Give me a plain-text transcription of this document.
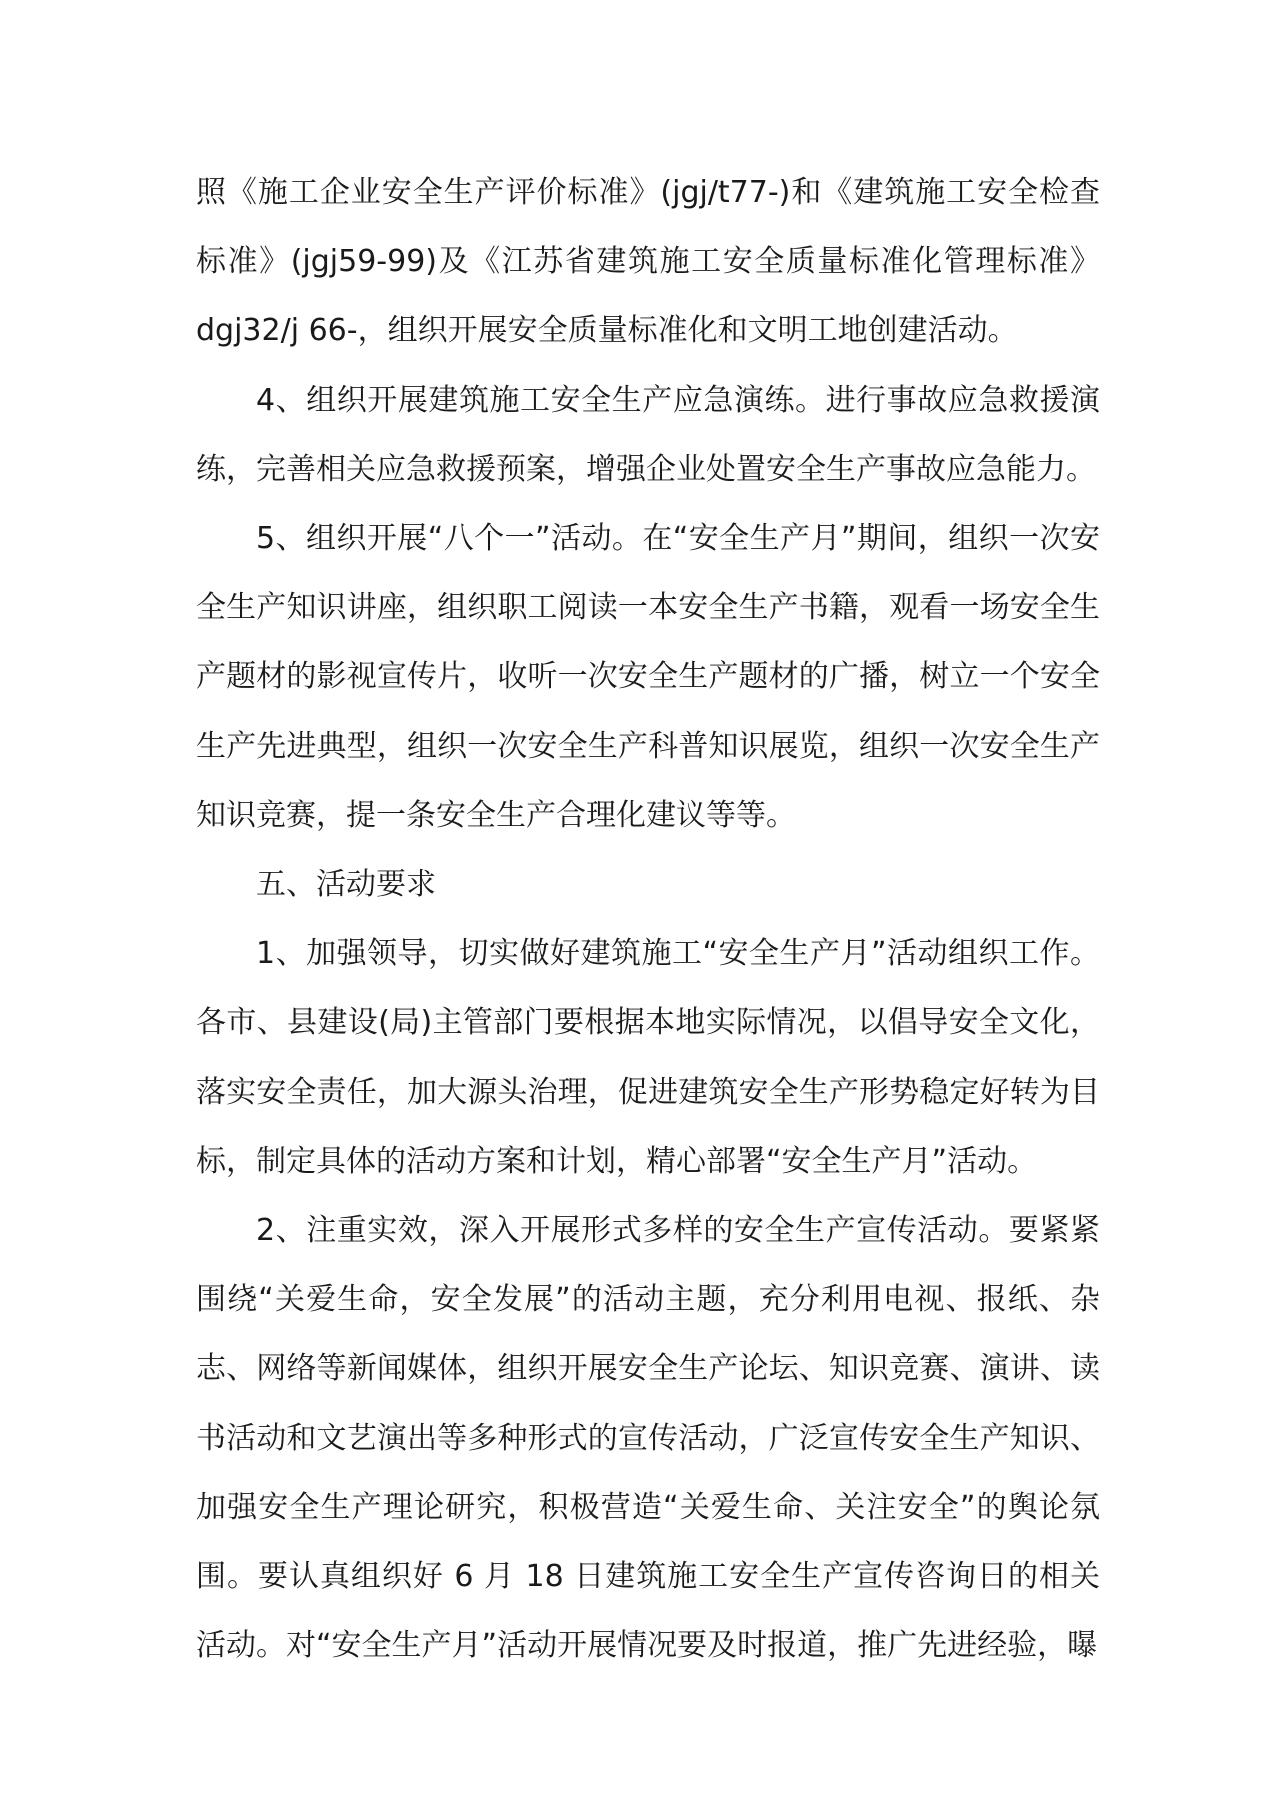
照《施工企业安全生产评价标准》(jgj/t77-)和《建筑施工安全检查标准》(jgj59-99)及《江苏省建筑施工安全质量标准化管理标准》dgj32/j 66-，组织开展安全质量标准化和文明工地创建活动。

4、组织开展建筑施工安全生产应急演练。进行事故应急救援演练，完善相关应急救援预案，增强企业处置安全生产事故应急能力。

5、组织开展“八个一”活动。在“安全生产月”期间，组织一次安全生产知识讲座，组织职工阅读一本安全生产书籍，观看一场安全生产题材的影视宣传片，收听一次安全生产题材的广播，树立一个安全生产先进典型，组织一次安全生产科普知识展览，组织一次安全生产知识竞赛，提一条安全生产合理化建议等等。

五、活动要求

1、加强领导，切实做好建筑施工“安全生产月”活动组织工作。各市、县建设(局)主管部门要根据本地实际情况，以倡导安全文化，落实安全责任，加大源头治理，促进建筑安全生产形势稳定好转为目标，制定具体的活动方案和计划，精心部署“安全生产月”活动。

2、注重实效，深入开展形式多样的安全生产宣传活动。要紧紧围绕“关爱生命，安全发展”的活动主题，充分利用电视、报纸、杂志、网络等新闻媒体，组织开展安全生产论坛、知识竞赛、演讲、读书活动和文艺演出等多种形式的宣传活动，广泛宣传安全生产知识、加强安全生产理论研究，积极营造“关爱生命、关注安全”的舆论氛围。要认真组织好 6 月 18 日建筑施工安全生产宣传咨询日的相关活动。对“安全生产月”活动开展情况要及时报道，推广先进经验，曝
